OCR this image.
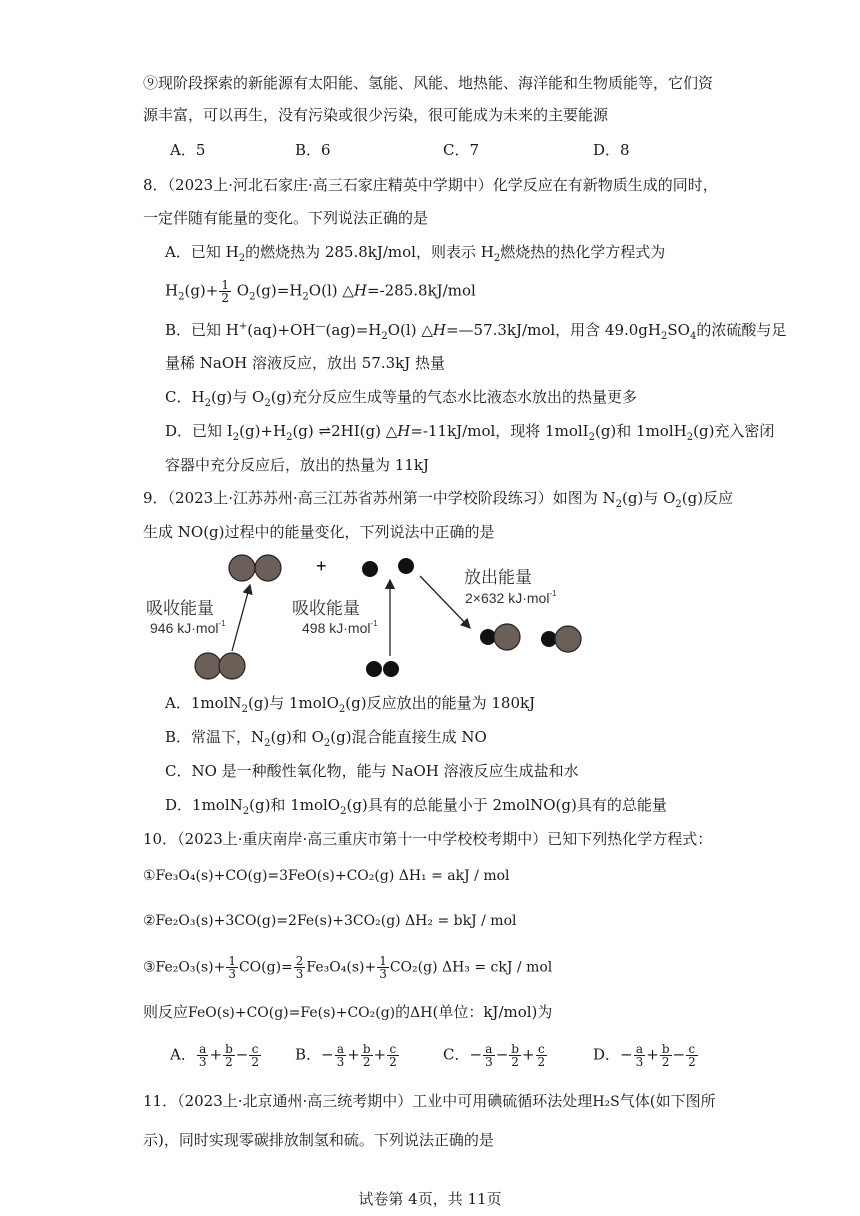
⑨现阶段探索的新能源有太阳能、氢能、风能、地热能、海洋能和生物质能等，它们资
源丰富，可以再生，没有污染或很少污染，很可能成为未来的主要能源
A．5	B．6	C．7	D．8
8．（2023上·河北石家庄·高三石家庄精英中学期中）化学反应在有新物质生成的同时，
一定伴随有能量的变化。下列说法正确的是
A．已知 $H_2$的燃烧热为 285.8kJ/mol，则表示 $H_2$燃烧热的热化学方程式为
$H_2(g)+ \frac{1}{2} O_2(g)=H_2O(l)$ △H=-285.8kJ/mol
B．已知 $H^+(aq)+OH^—(ag)=H_2O(l)$ △H=—57.3kJ/mol，用含 $49.0gH_2SO_4$的浓硫酸与足
量稀 NaOH 溶液反应，放出 57.3kJ 热量
C．$H_2(g)$与 $O_2(g)$充分反应生成等量的气态水比液态水放出的热量更多
D．已知 $I_2(g)+H_2(g)$ ⇌2HI(g) △H=-11kJ/mol，现将 1molI$_2$(g)和 1molH$_2$(g)充入密闭
容器中充分反应后，放出的热量为 11kJ
9．（2023上·江苏苏州·高三江苏省苏州第一中学校阶段练习）如图为 $N_2(g)$与 $O_2(g)$反应
生成 NO(g)过程中的能量变化，下列说法中正确的是
+
吸收能量
946 kJ·mol$^{-1}$
吸收能量
498 kJ·mol$^{-1}$
放出能量
2×632 kJ·mol$^{-1}$
A．1molN$_2$(g)与 1molO$_2$(g)反应放出的能量为 180kJ
B．常温下，$N_2(g)$和 $O_2(g)$混合能直接生成 NO
C．NO 是一种酸性氧化物，能与 NaOH 溶液反应生成盐和水
D．1molN$_2$(g)和 1molO$_2$(g)具有的总能量小于 2molNO(g)具有的总能量
10．（2023上·重庆南岸·高三重庆市第十一中学校校考期中）已知下列热化学方程式：
①Fe₃O₄(s)+CO(g)=3FeO(s)+CO₂(g) ΔH₁ = akJ / mol
②Fe₂O₃(s)+3CO(g)=2Fe(s)+3CO₂(g) ΔH₂ = bkJ / mol
③Fe₂O₃(s)+ $\frac{1}{3} CO(g)= \frac{2}{3} Fe_3O_4(s)+ \frac{1}{3} CO_2(g) \Delta H_3$ = ckJ / mol
则反应FeO(s)+CO(g)=Fe(s)+CO₂(g)的ΔH(单位：kJ/mol)为
A． $\frac{a}{3} + \frac{b}{2} - \frac{c}{2}$ B．− $\frac{a}{3} + \frac{b}{2} + \frac{c}{2}$	C．− $\frac{a}{3} - \frac{b}{2} + \frac{c}{2}$	D．− $\frac{a}{3} + \frac{b}{2} - \frac{c}{2}$
11．（2023上·北京通州·高三统考期中）工业中可用碘硫循环法处理H₂S气体(如下图所
示)，同时实现零碳排放制氢和硫。下列说法正确的是
试卷第 4页，共 11页
